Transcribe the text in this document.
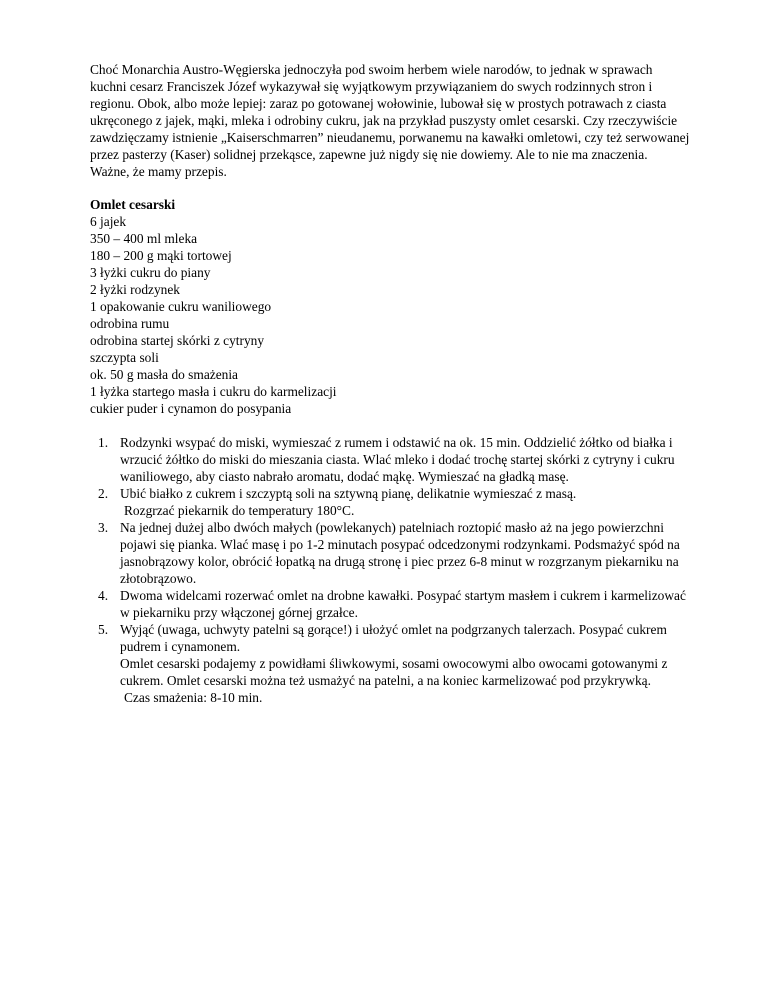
Choć Monarchia Austro-Węgierska jednoczyła pod swoim herbem wiele narodów, to jednak w sprawach kuchni cesarz Franciszek Józef wykazywał się wyjątkowym przywiązaniem do swych rodzinnych stron i regionu. Obok, albo może lepiej: zaraz po gotowanej wołowinie, lubował się w prostych potrawach z ciasta ukręconego z jajek, mąki, mleka i odrobiny cukru, jak na przykład puszysty omlet cesarski. Czy rzeczywiście zawdzięczamy istnienie „Kaiserschmarren” nieudanemu, porwanemu na kawałki omletowi, czy też serwowanej przez pasterzy (Kaser) solidnej przekąsce, zapewne już nigdy się nie dowiemy. Ale to nie ma znaczenia. Ważne, że mamy przepis.

Omlet cesarski
6 jajek
350 – 400 ml mleka
180 – 200 g mąki tortowej
3 łyżki cukru do piany
2 łyżki rodzynek
1 opakowanie cukru waniliowego
odrobina rumu
odrobina startej skórki z cytryny
szczypta soli
ok. 50 g masła do smażenia
1 łyżka startego masła i cukru do karmelizacji
cukier puder i cynamon do posypania
1. Rodzynki wsypać do miski, wymieszać z rumem i odstawić na ok. 15 min. Oddzielić żółtko od białka i wrzucić żółtko do miski do mieszania ciasta. Wlać mleko i dodać trochę startej skórki z cytryny i cukru waniliowego, aby ciasto nabrało aromatu, dodać mąkę. Wymieszać na gładką masę.
2. Ubić białko z cukrem i szczyptą soli na sztywną pianę, delikatnie wymieszać z masą.
Rozgrzać piekarnik do temperatury 180°C.
3. Na jednej dużej albo dwóch małych (powlekanych) patelniach roztopić masło aż na jego powierzchni pojawi się pianka. Wlać masę i po 1-2 minutach posypać odcedzonymi rodzynkami. Podsmażyć spód na jasnobrązowy kolor, obrócić łopatką na drugą stronę i piec przez 6-8 minut w rozgrzanym piekarniku na złotobrązowo.
4. Dwoma widelcami rozerwać omlet na drobne kawałki. Posypać startym masłem i cukrem i karmelizować w piekarniku przy włączonej górnej grzałce.
5. Wyjąć (uwaga, uchwyty patelni są gorące!) i ułożyć omlet na podgrzanych talerzach. Posypać cukrem pudrem i cynamonem.
Omlet cesarski podajemy z powidłami śliwkowymi, sosami owocowymi albo owocami gotowanymi z cukrem. Omlet cesarski można też usmażyć na patelni, a na koniec karmelizować pod przykrywką.
Czas smażenia: 8-10 min.
